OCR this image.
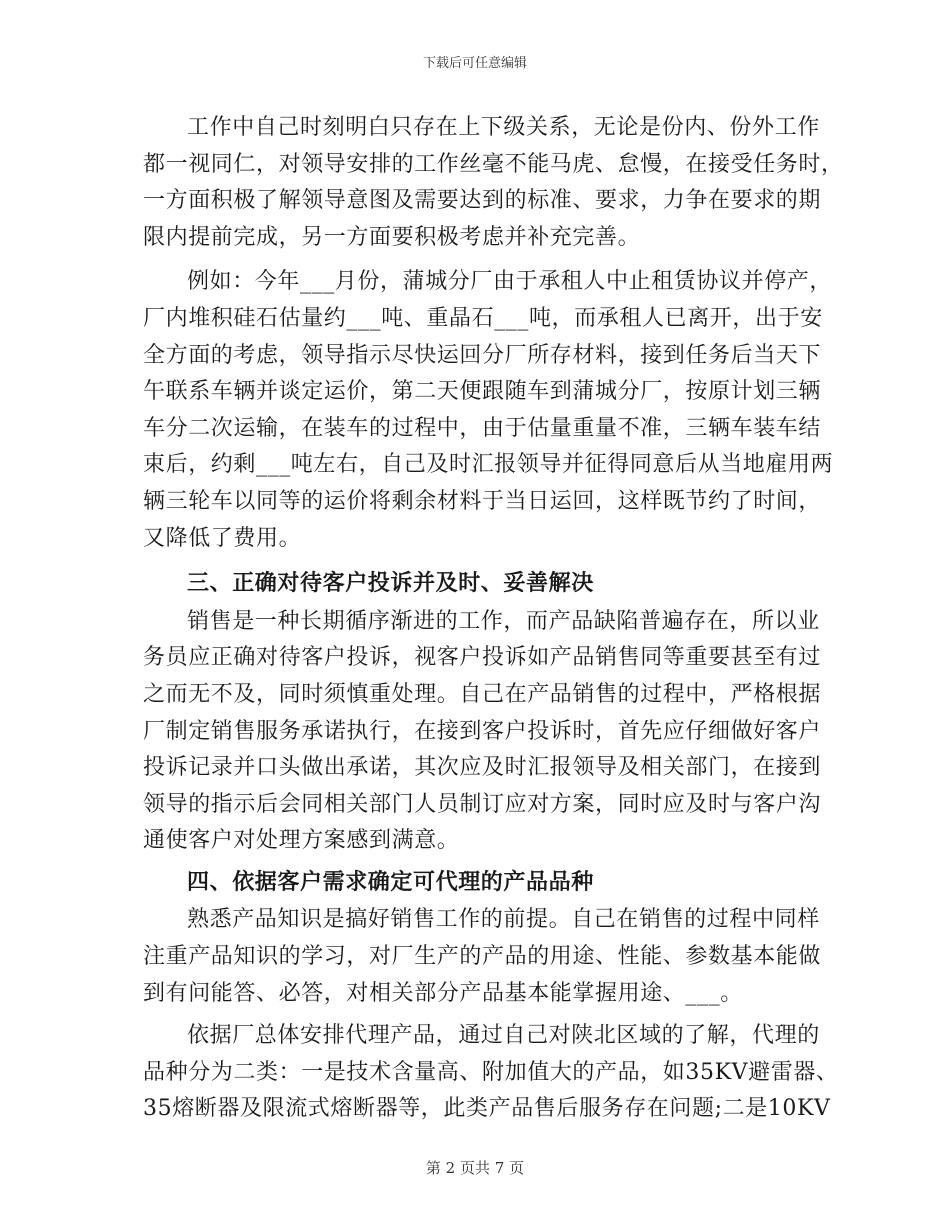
下载后可任意编辑
工作中自己时刻明白只存在上下级关系，无论是份内、份外工作
都一视同仁，对领导安排的工作丝毫不能马虎、怠慢，在接受任务时，
一方面积极了解领导意图及需要达到的标准、要求，力争在要求的期
限内提前完成，另一方面要积极考虑并补充完善。
例如：今年___月份，蒲城分厂由于承租人中止租赁协议并停产，
厂内堆积硅石估量约___吨、重晶石___吨，而承租人已离开，出于安
全方面的考虑，领导指示尽快运回分厂所存材料，接到任务后当天下
午联系车辆并谈定运价，第二天便跟随车到蒲城分厂，按原计划三辆
车分二次运输，在装车的过程中，由于估量重量不准，三辆车装车结
束后，约剩___吨左右，自己及时汇报领导并征得同意后从当地雇用两
辆三轮车以同等的运价将剩余材料于当日运回，这样既节约了时间，
又降低了费用。
三、正确对待客户投诉并及时、妥善解决
销售是一种长期循序渐进的工作，而产品缺陷普遍存在，所以业
务员应正确对待客户投诉，视客户投诉如产品销售同等重要甚至有过
之而无不及，同时须慎重处理。自己在产品销售的过程中，严格根据
厂制定销售服务承诺执行，在接到客户投诉时，首先应仔细做好客户
投诉记录并口头做出承诺，其次应及时汇报领导及相关部门，在接到
领导的指示后会同相关部门人员制订应对方案，同时应及时与客户沟
通使客户对处理方案感到满意。
四、依据客户需求确定可代理的产品品种
熟悉产品知识是搞好销售工作的前提。自己在销售的过程中同样
注重产品知识的学习，对厂生产的产品的用途、性能、参数基本能做
到有问能答、必答，对相关部分产品基本能掌握用途、___。
依据厂总体安排代理产品，通过自己对陕北区域的了解，代理的
品种分为二类：一是技术含量高、附加值大的产品，如35KV避雷器、
35熔断器及限流式熔断器等，此类产品售后服务存在问题;二是10KV
第 2 页共 7 页
